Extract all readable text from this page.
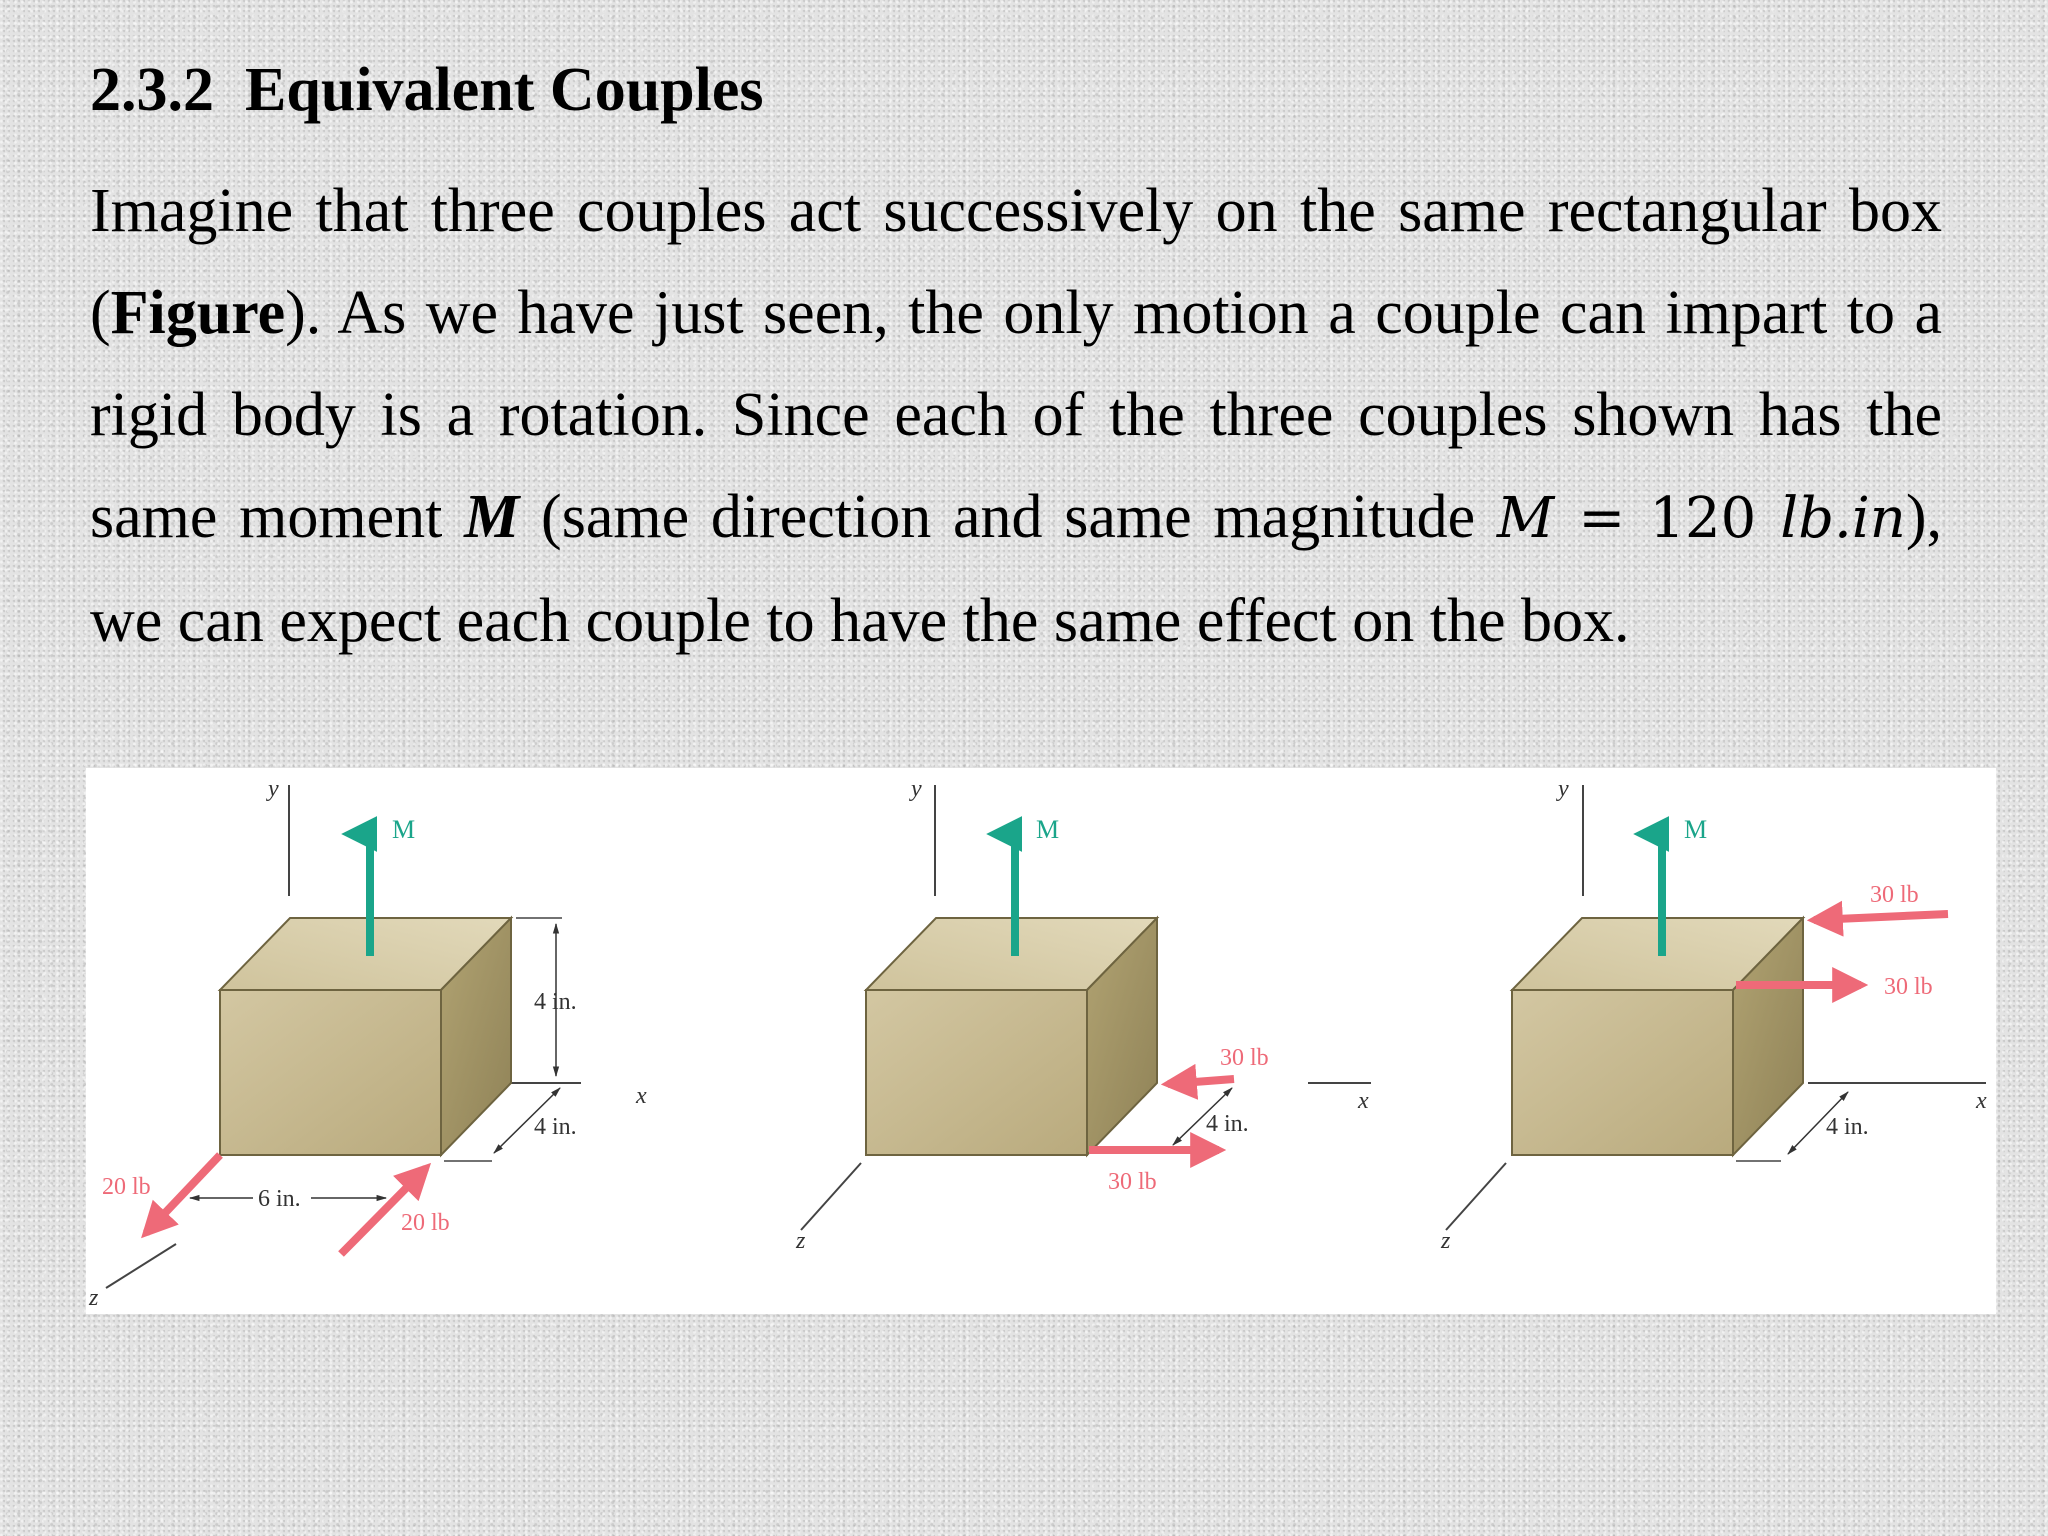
2.3.2 Equivalent Couples

Imagine that three couples act successively on the same rectangular box (Figure). As we have just seen, the only motion a couple can impart to a rigid body is a rotation. Since each of the three couples shown has the same moment M (same direction and same magnitude M = 120 lb.in), we can expect each couple to have the same effect on the box.

y
z
x
M
4 in.
4 in.
6 in.
20 lb
20 lb
y
z
x
M
30 lb
30 lb
4 in.
y
z
x
M
30 lb
30 lb
4 in.
